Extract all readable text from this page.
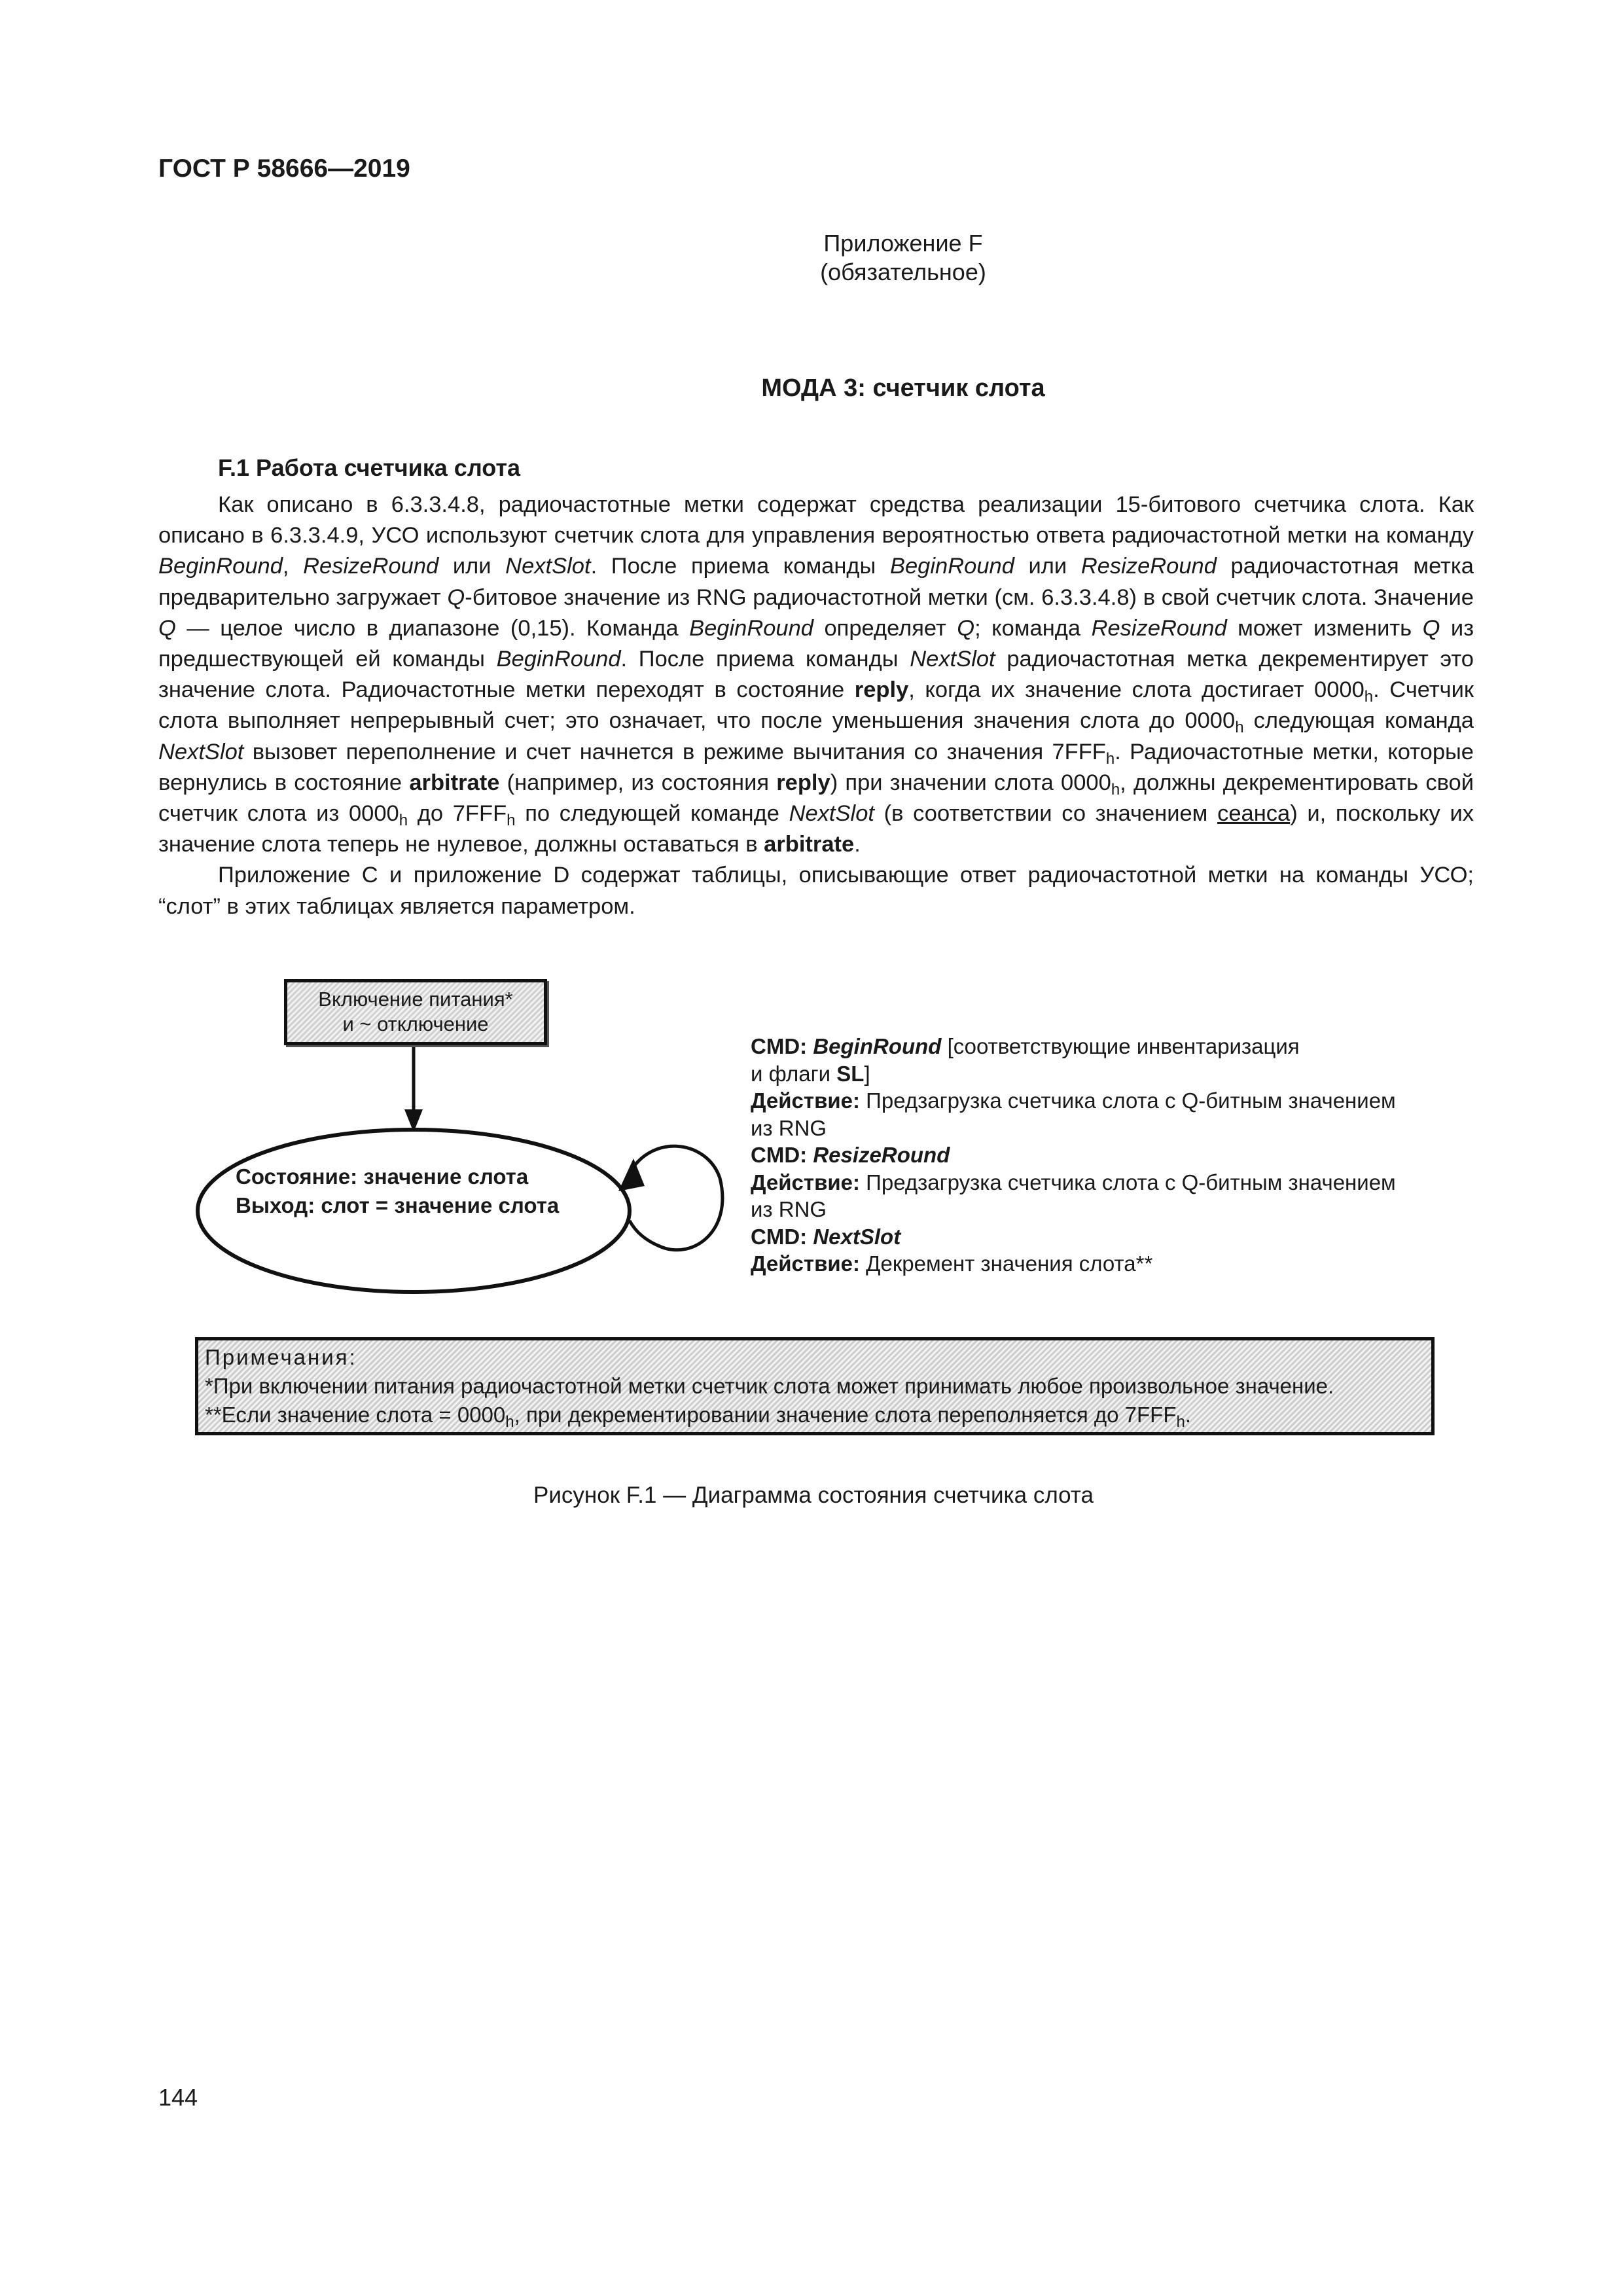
ГОСТ Р 58666—2019
Приложение F
(обязательное)
МОДА 3: счетчик слота
F.1 Работа счетчика слота

Как описано в 6.3.3.4.8, радиочастотные метки содержат средства реализации 15-битового счетчика слота. Как описано в 6.3.3.4.9, УСО используют счетчик слота для управления вероятностью ответа радиочастотной метки на команду BeginRound, ResizeRound или NextSlot. После приема команды BeginRound или ResizeRound радиочастотная метка предварительно загружает Q-битовое значение из RNG радиочастотной метки (см. 6.3.3.4.8) в свой счетчик слота. Значение Q — целое число в диапазоне (0,15). Команда BeginRound определяет Q; команда ResizeRound может изменить Q из предшествующей ей команды BeginRound. После приема команды NextSlot радиочастотная метка декрементирует это значение слота. Радиочастотные метки переходят в состояние reply, когда их значение слота достигает $0000_h$. Счетчик слота выполняет непрерывный счет; это означает, что после уменьшения значения слота до $0000_h$ следующая команда NextSlot вызовет переполнение и счет начнется в режиме вычитания со значения $7FFF_h$. Радиочастотные метки, которые вернулись в состояние arbitrate (например, из состояния reply) при значении слота $0000_h$, должны декрементировать свой счетчик слота из $0000_h$ до $7FFF_h$ по следующей команде NextSlot (в соответствии со значением сеанса) и, поскольку их значение слота теперь не нулевое, должны оставаться в arbitrate.

Приложение С и приложение D содержат таблицы, описывающие ответ радиочастотной метки на команды УСО; “слот” в этих таблицах является параметром.

Включение питания*
и ~ отключение
Состояние: значение слота
Выход: слот = значение слота
CMD: BeginRound [соответствующие инвентаризация
и флаги SL]
Действие: Предзагрузка счетчика слота с Q-битным значением
из RNG
CMD: ResizeRound
Действие: Предзагрузка счетчика слота с Q-битным значением
из RNG
CMD: NextSlot
Действие: Декремент значения слота**
Примечания:
*При включении питания радиочастотной метки счетчик слота может принимать любое произвольное значение.
**Если значение слота = $0000_h$, при декрементировании значение слота переполняется до $7FFF_h$.
Рисунок F.1 — Диаграмма состояния счетчика слота
144
